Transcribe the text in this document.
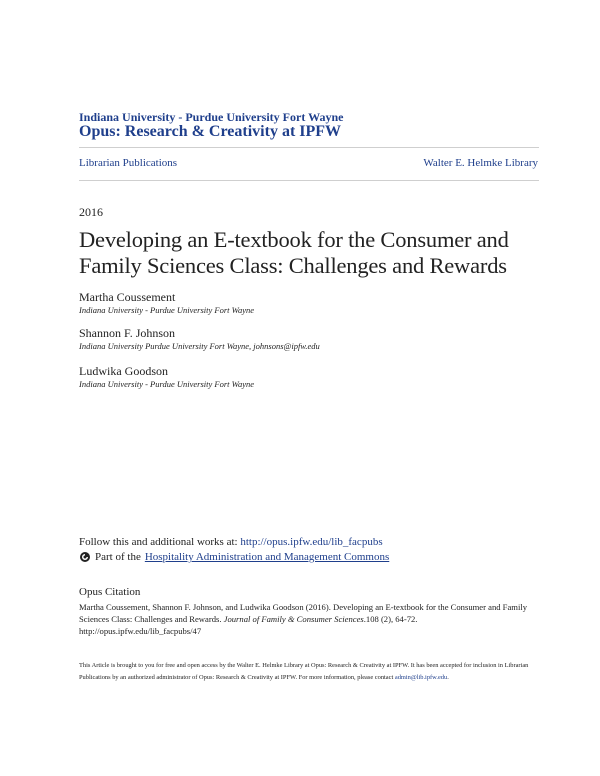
Indiana University - Purdue University Fort Wayne
Opus: Research & Creativity at IPFW
Librarian Publications	Walter E. Helmke Library
2016
Developing an E-textbook for the Consumer and Family Sciences Class: Challenges and Rewards
Martha Coussement
Indiana University - Purdue University Fort Wayne
Shannon F. Johnson
Indiana University Purdue University Fort Wayne, johnsons@ipfw.edu
Ludwika Goodson
Indiana University - Purdue University Fort Wayne
Follow this and additional works at: http://opus.ipfw.edu/lib_facpubs
Part of the Hospitality Administration and Management Commons
Opus Citation
Martha Coussement, Shannon F. Johnson, and Ludwika Goodson (2016). Developing an E-textbook for the Consumer and Family Sciences Class: Challenges and Rewards. Journal of Family & Consumer Sciences.108 (2), 64-72.
http://opus.ipfw.edu/lib_facpubs/47
This Article is brought to you for free and open access by the Walter E. Helmke Library at Opus: Research & Creativity at IPFW. It has been accepted for inclusion in Librarian Publications by an authorized administrator of Opus: Research & Creativity at IPFW. For more information, please contact admin@lib.ipfw.edu.
